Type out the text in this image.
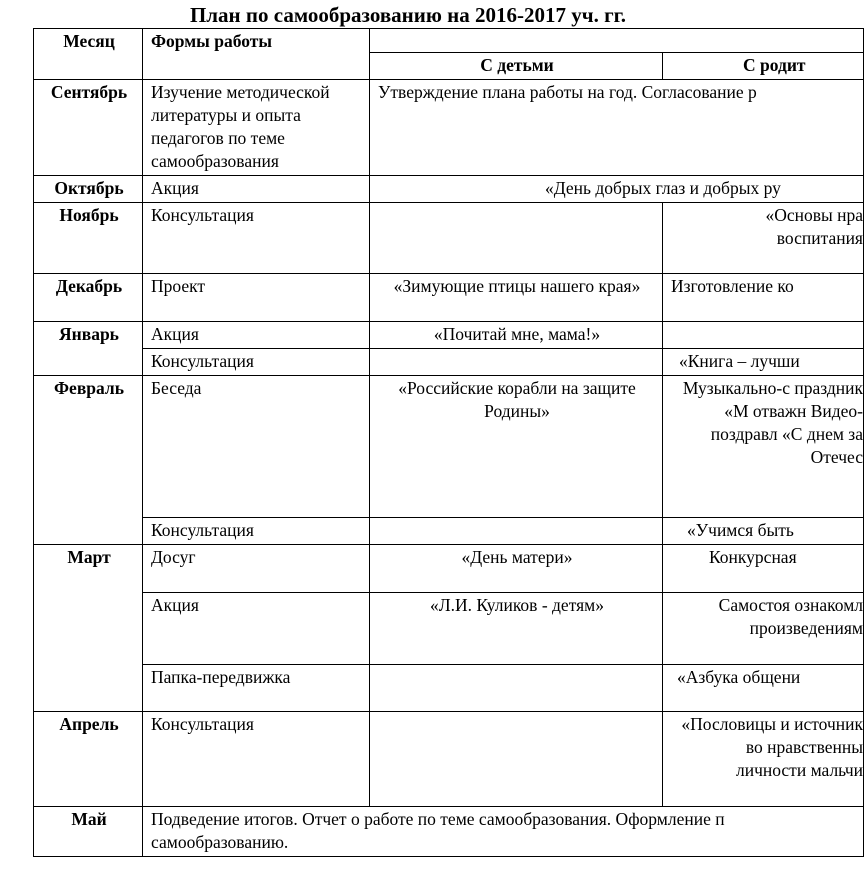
План по самообразованию на 2016-2017 уч. гг.
Месяц	Формы работы		
		С детьми	С родит
Сентябрь	Изучение методической литературы и опыта педагогов по теме самообразования	Утверждение плана работы на год. Согласование р	
Октябрь	Акция	«День добрых глаз и добрых ру	
Ноябрь	Консультация		«Основы нра воспитания
Декабрь	Проект	«Зимующие птицы нашего края»	Изготовление ко
Январь	Акция	«Почитай мне, мама!»	
	Консультация		«Книга – лучши
Февраль	Беседа	«Российские корабли на защите Родины»	Музыкально-с праздник «М отважн Видео-поздравл «С днем за Отечес
	Консультация		«Учимся быть
Март	Досуг	«День матери»	Конкурсная
	Акция	«Л.И. Куликов - детям»	Самостоя ознакомл произведениям
	Папка-передвижка		«Азбука общени
Апрель	Консультация		«Пословицы и источник во нравственны личности мальчи
Май	Подведение итогов. Отчет о работе по теме самообразования. Оформление п самообразованию.		
